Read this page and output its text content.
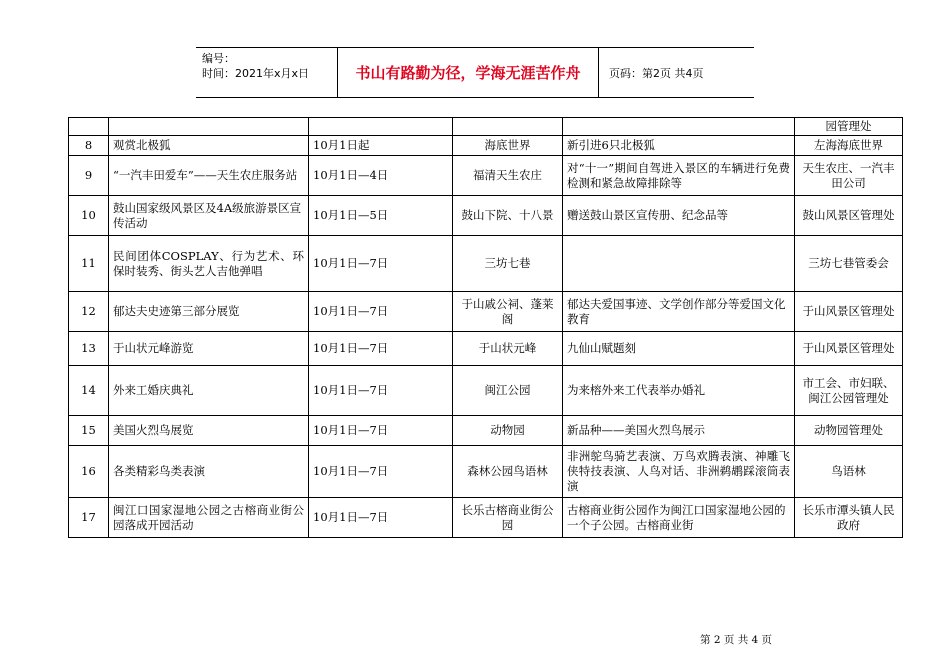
编号：
时间：2021年x月x日	书山有路勤为径，学海无涯苦作舟	页码：第2页 共4页
					园管理处
8	观赏北极狐	10月1日起	海底世界	新引进6只北极狐	左海海底世界
9	“一汽丰田爱车”——天生农庄服务站	10月1日—4日	福清天生农庄	对“十一”期间自驾进入景区的车辆进行免费检测和紧急故障排除等	天生农庄、一汽丰田公司
10	鼓山国家级风景区及4A级旅游景区宣传活动	10月1日—5日	鼓山下院、十八景	赠送鼓山景区宣传册、纪念品等	鼓山风景区管理处
11	民间团体COSPLAY、行为艺术、环保时装秀、街头艺人吉他弹唱	10月1日—7日	三坊七巷		三坊七巷管委会
12	郁达夫史迹第三部分展览	10月1日—7日	于山戚公祠、蓬莱阁	郁达夫爱国事迹、文学创作部分等爱国文化教育	于山风景区管理处
13	于山状元峰游览	10月1日—7日	于山状元峰	九仙山赋题刻	于山风景区管理处
14	外来工婚庆典礼	10月1日—7日	闽江公园	为来榕外来工代表举办婚礼	市工会、市妇联、闽江公园管理处
15	美国火烈鸟展览	10月1日—7日	动物园	新品种——美国火烈鸟展示	动物园管理处
16	各类精彩鸟类表演	10月1日—7日	森林公园鸟语林	非洲鸵鸟骑艺表演、万鸟欢腾表演、神雕飞侠特技表演、人鸟对话、非洲鹈鹕踩滚筒表演	鸟语林
17	闽江口国家湿地公园之古榕商业街公园落成开园活动	10月1日—7日	长乐古榕商业街公园	古榕商业街公园作为闽江口国家湿地公园的一个子公园。古榕商业街	长乐市潭头镇人民政府
第 2 页 共 4 页
